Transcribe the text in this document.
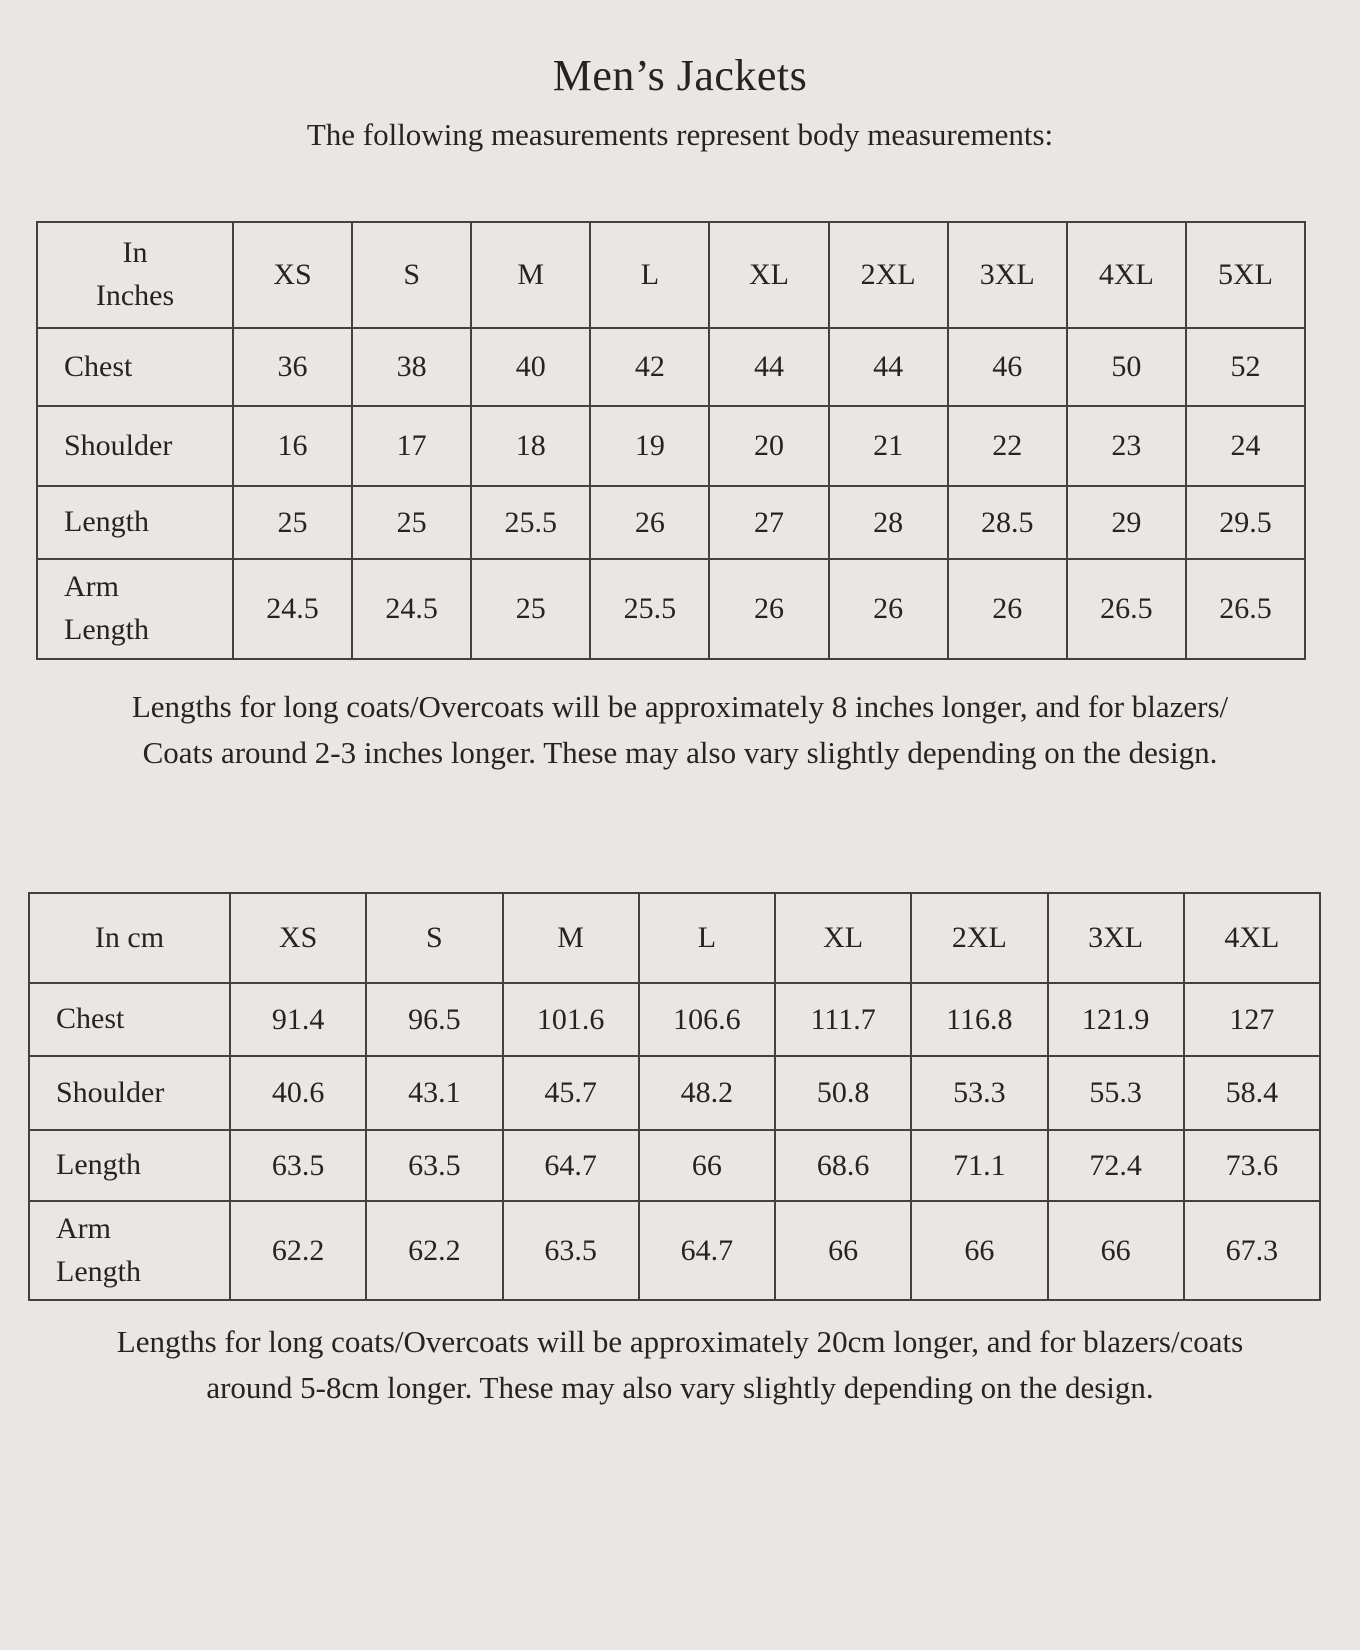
Men’s Jackets

The following measurements represent body measurements:

In
Inches	XS	S	M	L	XL	2XL	3XL	4XL	5XL

Chest	36	38	40	42	44	44	46	50	52

Shoulder	16	17	18	19	20	21	22	23	24

Length	25	25	25.5	26	27	28	28.5	29	29.5

Arm
Length	24.5	24.5	25	25.5	26	26	26	26.5	26.5

Lengths for long coats/Overcoats will be approximately 8 inches longer, and for blazers/
Coats around 2-3 inches longer. These may also vary slightly depending on the design.

In cm	XS	S	M	L	XL	2XL	3XL	4XL

Chest	91.4	96.5	101.6	106.6	111.7	116.8	121.9	127

Shoulder	40.6	43.1	45.7	48.2	50.8	53.3	55.3	58.4

Length	63.5	63.5	64.7	66	68.6	71.1	72.4	73.6

Arm
Length	62.2	62.2	63.5	64.7	66	66	66	67.3

Lengths for long coats/Overcoats will be approximately 20cm longer, and for blazers/coats
around 5-8cm longer. These may also vary slightly depending on the design.
